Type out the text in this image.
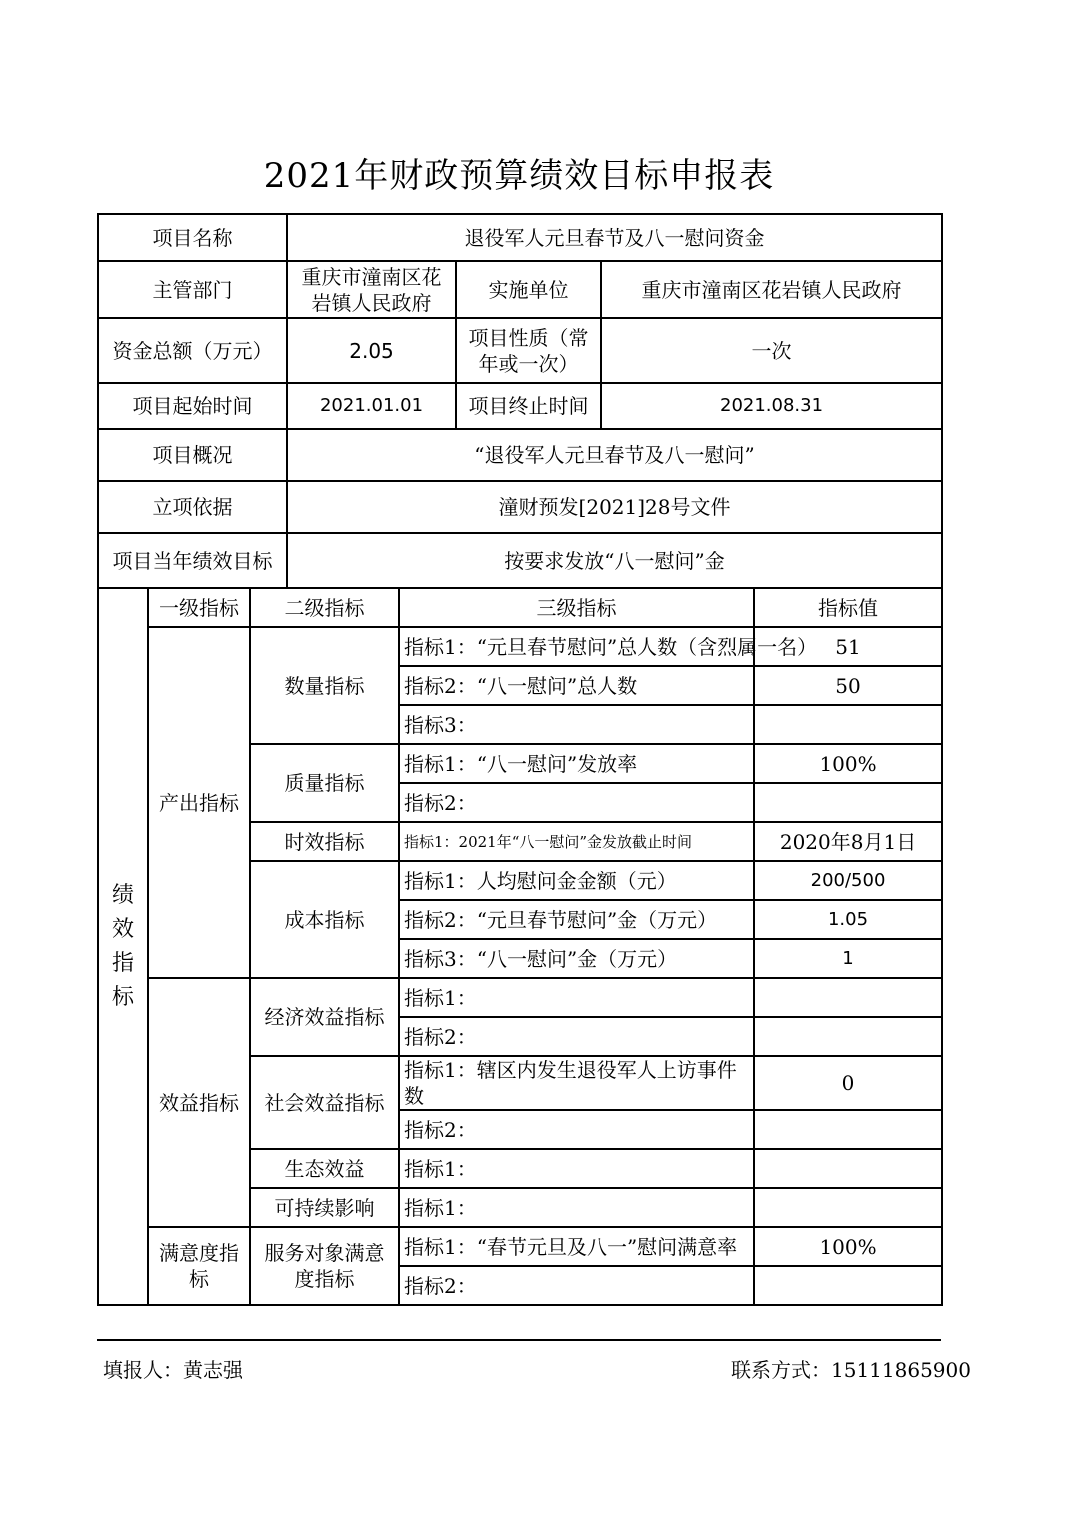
2021年财政预算绩效目标申报表
项目名称			退役军人元旦春节及八一慰问资金				
主管部门			重庆市潼南区花岩镇人民政府		实施单位	重庆市潼南区花岩镇人民政府	
资金总额（万元）			2.05		项目性质（常年或一次）	一次	
项目起始时间			2021.01.01		项目终止时间	2021.08.31	
项目概况			“退役军人元旦春节及八一慰问”				
立项依据			潼财预发[2021]28号文件				
项目当年绩效目标			按要求发放“八一慰问”金				
绩效指标	一级指标	二级指标		三级指标			指标值
	产出指标	数量指标		指标1：“元旦春节慰问”总人数（含烈属一名）			51
				指标2：“八一慰问”总人数			50
				指标3：			
		质量指标		指标1：“八一慰问”发放率			100%
				指标2：			
		时效指标		指标1：2021年“八一慰问”金发放截止时间			2020年8月1日
		成本指标		指标1：人均慰问金金额（元）			200/500
				指标2：“元旦春节慰问”金（万元）			1.05
				指标3：“八一慰问”金（万元）			1
	效益指标	经济效益指标		指标1：			
				指标2：			
		社会效益指标		指标1：辖区内发生退役军人上访事件数			0
				指标2：			
		生态效益		指标1：			
		可持续影响		指标1：			
	满意度指标	服务对象满意度指标		指标1：“春节元旦及八一”慰问满意率			100%
				指标2：			
填报人：黄志强	联系方式：15111865900
